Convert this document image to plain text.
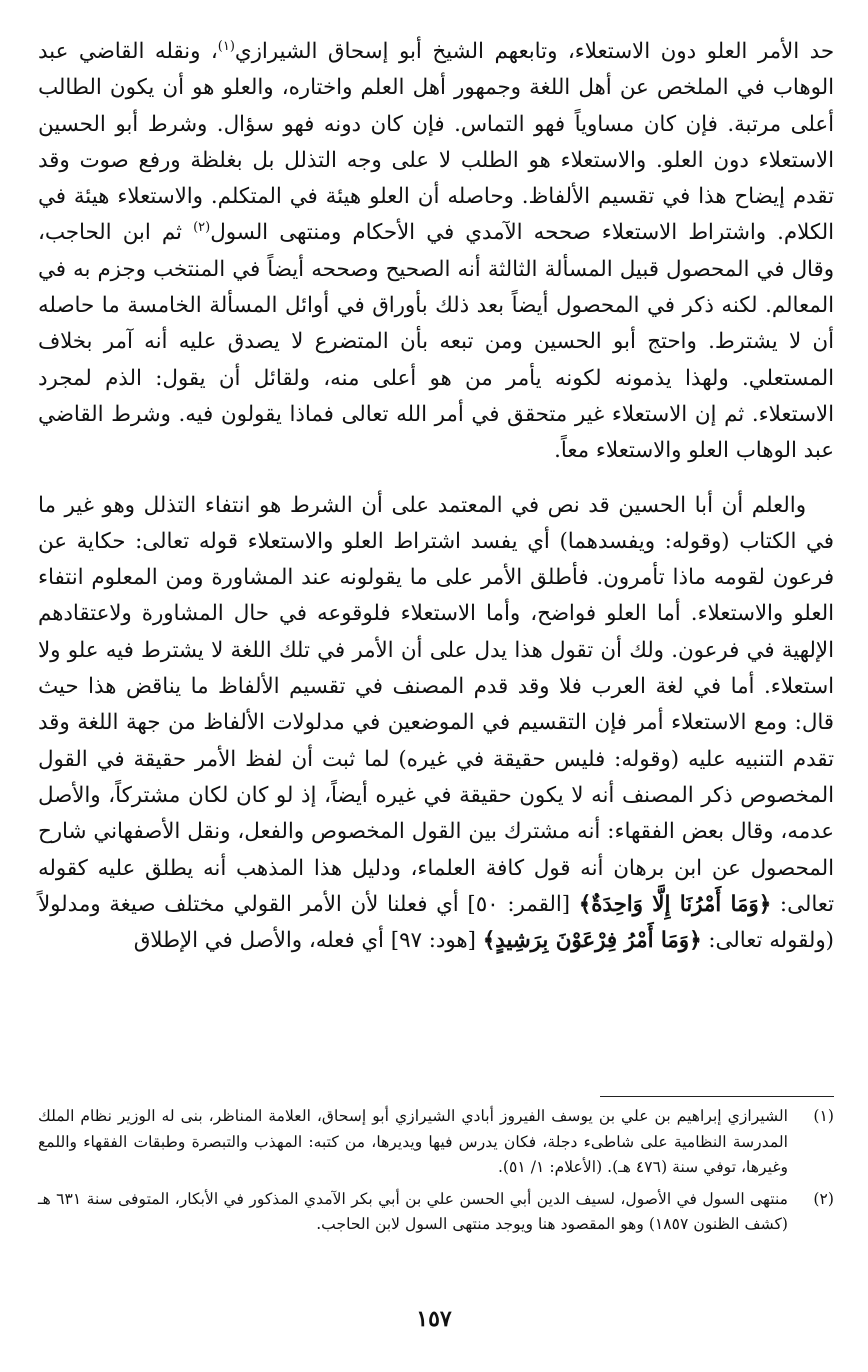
حد الأمر العلو دون الاستعلاء، وتابعهم الشيخ أبو إسحاق الشيرازي$^{(١)}$، ونقله القاضي عبد الوهاب في الملخص عن أهل اللغة وجمهور أهل العلم واختاره، والعلو هو أن يكون الطالب أعلى مرتبة. فإن كان مساوياً فهو التماس. فإن كان دونه فهو سؤال. وشرط أبو الحسين الاستعلاء دون العلو. والاستعلاء هو الطلب لا على وجه التذلل بل بغلظة ورفع صوت وقد تقدم إيضاح هذا في تقسيم الألفاظ. وحاصله أن العلو هيئة في المتكلم. والاستعلاء هيئة في الكلام. واشتراط الاستعلاء صححه الآمدي في الأحكام ومنتهى السول$^{(٢)}$ ثم ابن الحاجب، وقال في المحصول قبيل المسألة الثالثة أنه الصحيح وصححه أيضاً في المنتخب وجزم به في المعالم. لكنه ذكر في المحصول أيضاً بعد ذلك بأوراق في أوائل المسألة الخامسة ما حاصله أن لا يشترط. واحتج أبو الحسين ومن تبعه بأن المتضرع لا يصدق عليه أنه آمر بخلاف المستعلي. ولهذا يذمونه لكونه يأمر من هو أعلى منه، ولقائل أن يقول: الذم لمجرد الاستعلاء. ثم إن الاستعلاء غير متحقق في أمر الله تعالى فماذا يقولون فيه. وشرط القاضي عبد الوهاب العلو والاستعلاء معاً.

والعلم أن أبا الحسين قد نص في المعتمد على أن الشرط هو انتفاء التذلل وهو غير ما في الكتاب (وقوله: ويفسدهما) أي يفسد اشتراط العلو والاستعلاء قوله تعالى: حكاية عن فرعون لقومه ماذا تأمرون. فأطلق الأمر على ما يقولونه عند المشاورة ومن المعلوم انتفاء العلو والاستعلاء. أما العلو فواضح، وأما الاستعلاء فلوقوعه في حال المشاورة ولاعتقادهم الإلهية في فرعون. ولك أن تقول هذا يدل على أن الأمر في تلك اللغة لا يشترط فيه علو ولا استعلاء. أما في لغة العرب فلا وقد قدم المصنف في تقسيم الألفاظ ما يناقض هذا حيث قال: ومع الاستعلاء أمر فإن التقسيم في الموضعين في مدلولات الألفاظ من جهة اللغة وقد تقدم التنبيه عليه (وقوله: فليس حقيقة في غيره) لما ثبت أن لفظ الأمر حقيقة في القول المخصوص ذكر المصنف أنه لا يكون حقيقة في غيره أيضاً، إذ لو كان لكان مشتركاً، والأصل عدمه، وقال بعض الفقهاء: أنه مشترك بين القول المخصوص والفعل، ونقل الأصفهاني شارح المحصول عن ابن برهان أنه قول كافة العلماء، ودليل هذا المذهب أنه يطلق عليه كقوله تعالى: ﴿وَمَا أَمْرُنَا إِلَّا وَاحِدَةٌ﴾ [القمر: ٥٠] أي فعلنا لأن الأمر القولي مختلف صيغة ومدلولاً (ولقوله تعالى: ﴿وَمَا أَمْرُ فِرْعَوْنَ بِرَشِيدٍ﴾ [هود: ٩٧] أي فعله، والأصل في الإطلاق

(١)
الشيرازي إبراهيم بن علي بن يوسف الفيروز أبادي الشيرازي أبو إسحاق، العلامة المناظر، بنى له الوزير نظام الملك المدرسة النظامية على شاطىء دجلة، فكان يدرس فيها ويديرها، من كتبه: المهذب والتبصرة وطبقات الفقهاء واللمع وغيرها، توفي سنة (٤٧٦ هـ). (الأعلام: ١/ ٥١).
(٢)
منتهى السول في الأصول، لسيف الدين أبي الحسن علي بن أبي بكر الآمدي المذكور في الأبكار، المتوفى سنة ٦٣١ هـ (كشف الظنون ١٨٥٧) وهو المقصود هنا ويوجد منتهى السول لابن الحاجب.
١٥٧
